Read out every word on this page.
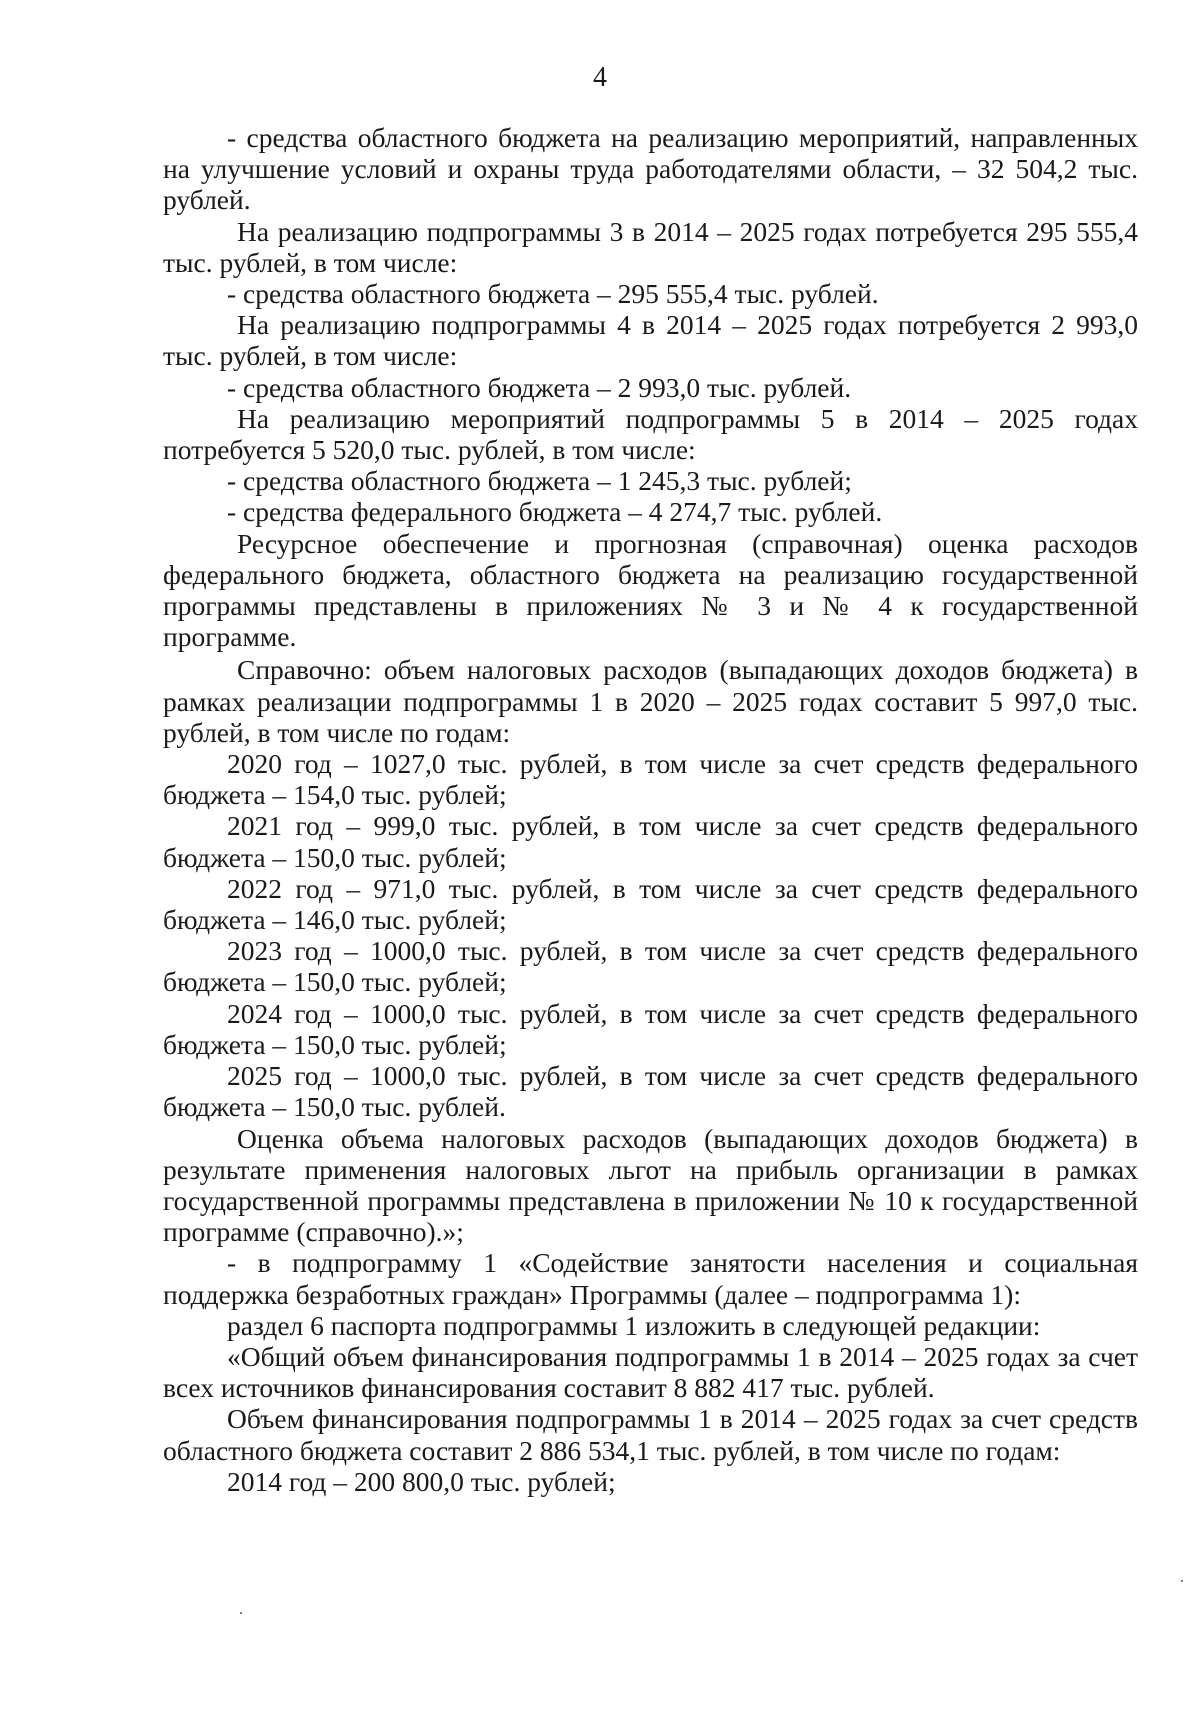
4

- средства областного бюджета на реализацию мероприятий, направленных на улучшение условий и охраны труда работодателями области, – 32 504,2 тыс. рублей.

На реализацию подпрограммы 3 в 2014 – 2025 годах потребуется 295 555,4 тыс. рублей, в том числе:

- средства областного бюджета – 295 555,4 тыс. рублей.

На реализацию подпрограммы 4 в 2014 – 2025 годах потребуется 2 993,0 тыс. рублей, в том числе:

- средства областного бюджета – 2 993,0 тыс. рублей.

На реализацию мероприятий подпрограммы 5 в 2014 – 2025 годах потребуется 5 520,0 тыс. рублей, в том числе:

- средства областного бюджета – 1 245,3 тыс. рублей;

- средства федерального бюджета – 4 274,7 тыс. рублей.

Ресурсное обеспечение и прогнозная (справочная) оценка расходов федерального бюджета, областного бюджета на реализацию государственной программы представлены в приложениях № 3 и № 4 к государственной программе.

Справочно: объем налоговых расходов (выпадающих доходов бюджета) в рамках реализации подпрограммы 1 в 2020 – 2025 годах составит 5 997,0 тыс. рублей, в том числе по годам:

2020 год – 1027,0 тыс. рублей, в том числе за счет средств федерального бюджета – 154,0 тыс. рублей;

2021 год – 999,0 тыс. рублей, в том числе за счет средств федерального бюджета – 150,0 тыс. рублей;

2022 год – 971,0 тыс. рублей, в том числе за счет средств федерального бюджета – 146,0 тыс. рублей;

2023 год – 1000,0 тыс. рублей, в том числе за счет средств федерального бюджета – 150,0 тыс. рублей;

2024 год – 1000,0 тыс. рублей, в том числе за счет средств федерального бюджета – 150,0 тыс. рублей;

2025 год – 1000,0 тыс. рублей, в том числе за счет средств федерального бюджета – 150,0 тыс. рублей.

Оценка объема налоговых расходов (выпадающих доходов бюджета) в результате применения налоговых льгот на прибыль организации в рамках государственной программы представлена в приложении № 10 к государственной программе (справочно).»;

- в подпрограмму 1 «Содействие занятости населения и социальная поддержка безработных граждан» Программы (далее – подпрограмма 1):

раздел 6 паспорта подпрограммы 1 изложить в следующей редакции:

«Общий объем финансирования подпрограммы 1 в 2014 – 2025 годах за счет всех источников финансирования составит 8 882 417 тыс. рублей.

Объем финансирования подпрограммы 1 в 2014 – 2025 годах за счет средств областного бюджета составит 2 886 534,1 тыс. рублей, в том числе по годам:

2014 год – 200 800,0 тыс. рублей;
